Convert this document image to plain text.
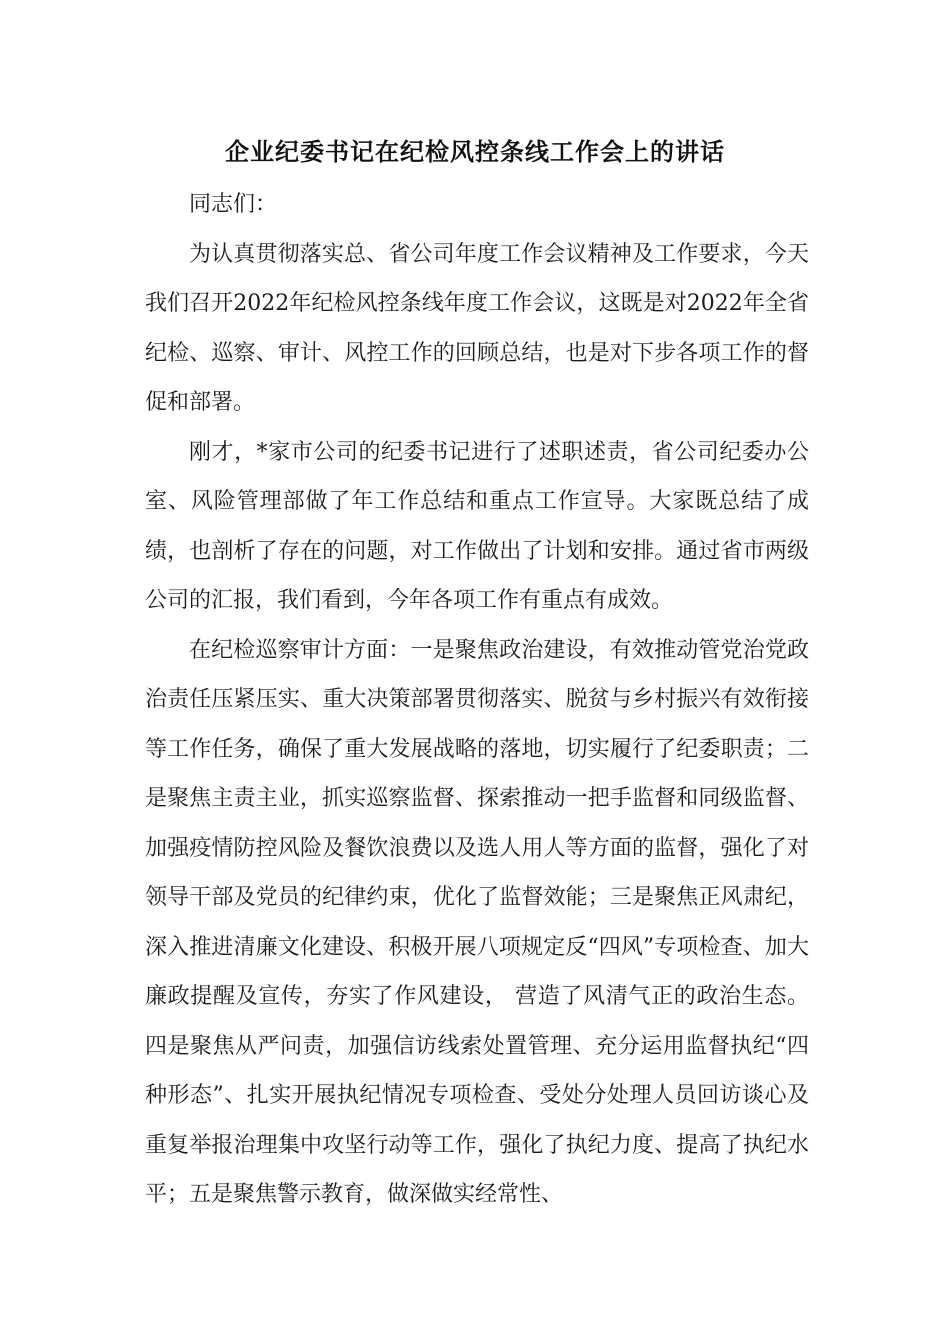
企业纪委书记在纪检风控条线工作会上的讲话

同志们：

为认真贯彻落实总、省公司年度工作会议精神及工作要求，今天我们召开2022年纪检风控条线年度工作会议，这既是对2022年全省纪检、巡察、审计、风控工作的回顾总结，也是对下步各项工作的督促和部署。

刚才，*家市公司的纪委书记进行了述职述责，省公司纪委办公室、风险管理部做了年工作总结和重点工作宣导。大家既总结了成绩，也剖析了存在的问题，对工作做出了计划和安排。通过省市两级公司的汇报，我们看到，今年各项工作有重点有成效。

在纪检巡察审计方面：一是聚焦政治建设，有效推动管党治党政治责任压紧压实、重大决策部署贯彻落实、脱贫与乡村振兴有效衔接等工作任务，确保了重大发展战略的落地，切实履行了纪委职责；二是聚焦主责主业，抓实巡察监督、探索推动一把手监督和同级监督、加强疫情防控风险及餐饮浪费以及选人用人等方面的监督，强化了对领导干部及党员的纪律约束，优化了监督效能；三是聚焦正风肃纪，深入推进清廉文化建设、积极开展八项规定反“四风”专项检查、加大廉政提醒及宣传，夯实了作风建设， 营造了风清气正的政治生态。四是聚焦从严问责，加强信访线索处置管理、充分运用监督执纪“四种形态”、扎实开展执纪情况专项检查、受处分处理人员回访谈心及重复举报治理集中攻坚行动等工作，强化了执纪力度、提高了执纪水平；五是聚焦警示教育，做深做实经常性、
